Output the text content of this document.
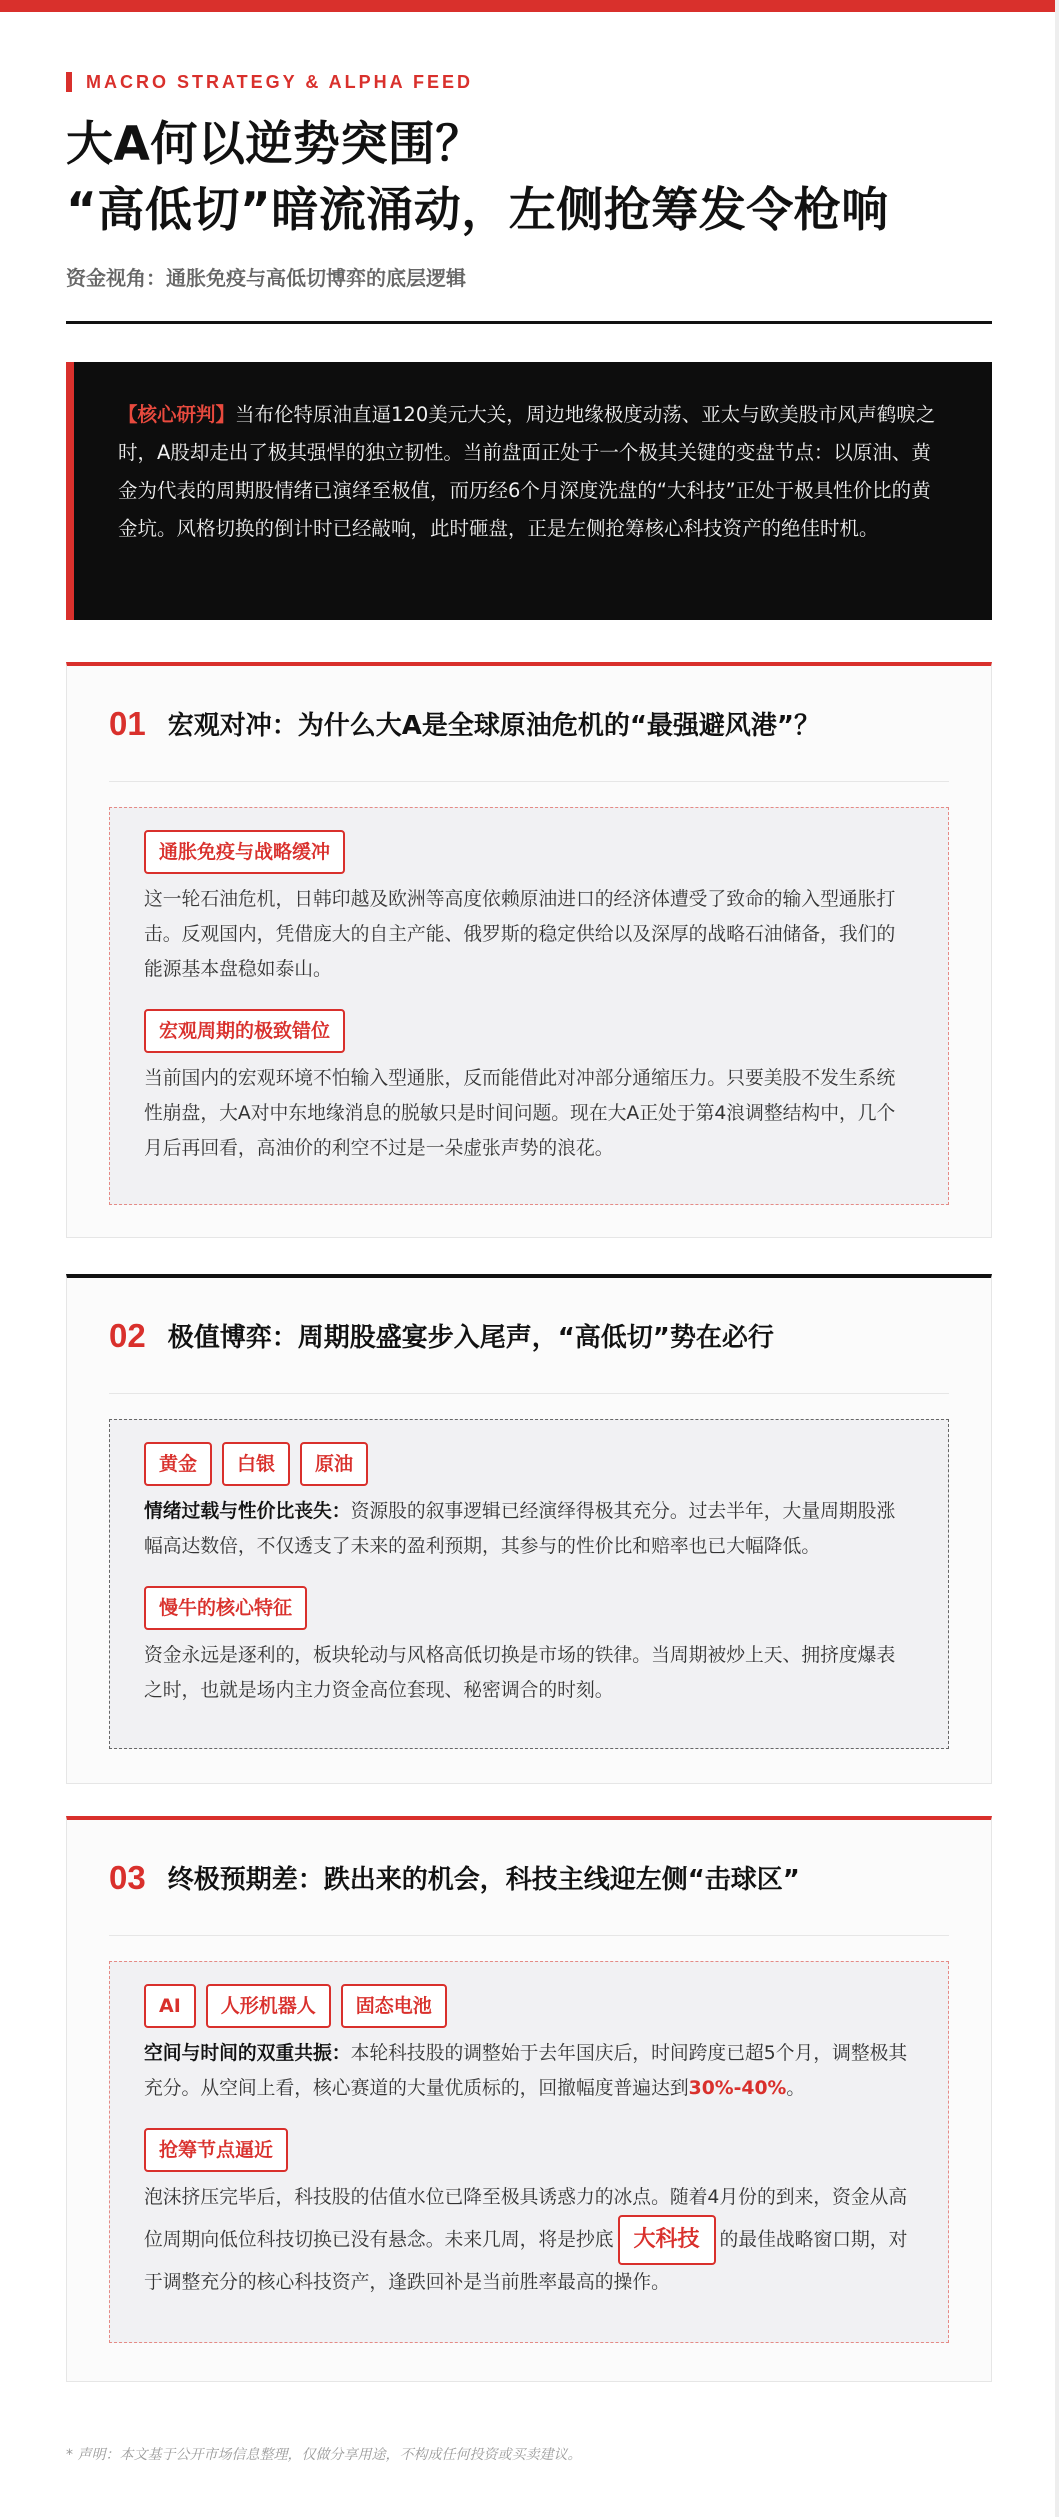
MACRO STRATEGY & ALPHA FEED
大A何以逆势突围？
“高低切”暗流涌动，左侧抢筹发令枪响
资金视角：通胀免疫与高低切博弈的底层逻辑

【核心研判】当布伦特原油直逼120美元大关，周边地缘极度动荡、亚太与欧美股市风声鹤唳之时，A股却走出了极其强悍的独立韧性。当前盘面正处于一个极其关键的变盘节点：以原油、黄金为代表的周期股情绪已演绎至极值，而历经6个月深度洗盘的“大科技”正处于极具性价比的黄金坑。风格切换的倒计时已经敲响，此时砸盘，正是左侧抢筹核心科技资产的绝佳时机。

01 宏观对冲：为什么大A是全球原油危机的“最强避风港”？
通胀免疫与战略缓冲

这一轮石油危机，日韩印越及欧洲等高度依赖原油进口的经济体遭受了致命的输入型通胀打击。反观国内，凭借庞大的自主产能、俄罗斯的稳定供给以及深厚的战略石油储备，我们的能源基本盘稳如泰山。

宏观周期的极致错位

当前国内的宏观环境不怕输入型通胀，反而能借此对冲部分通缩压力。只要美股不发生系统性崩盘，大A对中东地缘消息的脱敏只是时间问题。现在大A正处于第4浪调整结构中，几个月后再回看，高油价的利空不过是一朵虚张声势的浪花。

02 极值博弈：周期股盛宴步入尾声，“高低切”势在必行
黄金	白银	原油

情绪过载与性价比丧失：资源股的叙事逻辑已经演绎得极其充分。过去半年，大量周期股涨幅高达数倍，不仅透支了未来的盈利预期，其参与的性价比和赔率也已大幅降低。

慢牛的核心特征

资金永远是逐利的，板块轮动与风格高低切换是市场的铁律。当周期被炒上天、拥挤度爆表之时，也就是场内主力资金高位套现、秘密调合的时刻。

03 终极预期差：跌出来的机会，科技主线迎左侧“击球区”
AI	人形机器人	固态电池

空间与时间的双重共振：本轮科技股的调整始于去年国庆后，时间跨度已超5个月，调整极其充分。从空间上看，核心赛道的大量优质标的，回撤幅度普遍达到30%-40%。

抢筹节点逼近

泡沫挤压完毕后，科技股的估值水位已降至极具诱惑力的冰点。随着4月份的到来，资金从高位周期向低位科技切换已没有悬念。未来几周，将是抄底 大科技 的最佳战略窗口期，对于调整充分的核心科技资产，逢跌回补是当前胜率最高的操作。

* 声明：本文基于公开市场信息整理，仅做分享用途，不构成任何投资或买卖建议。
